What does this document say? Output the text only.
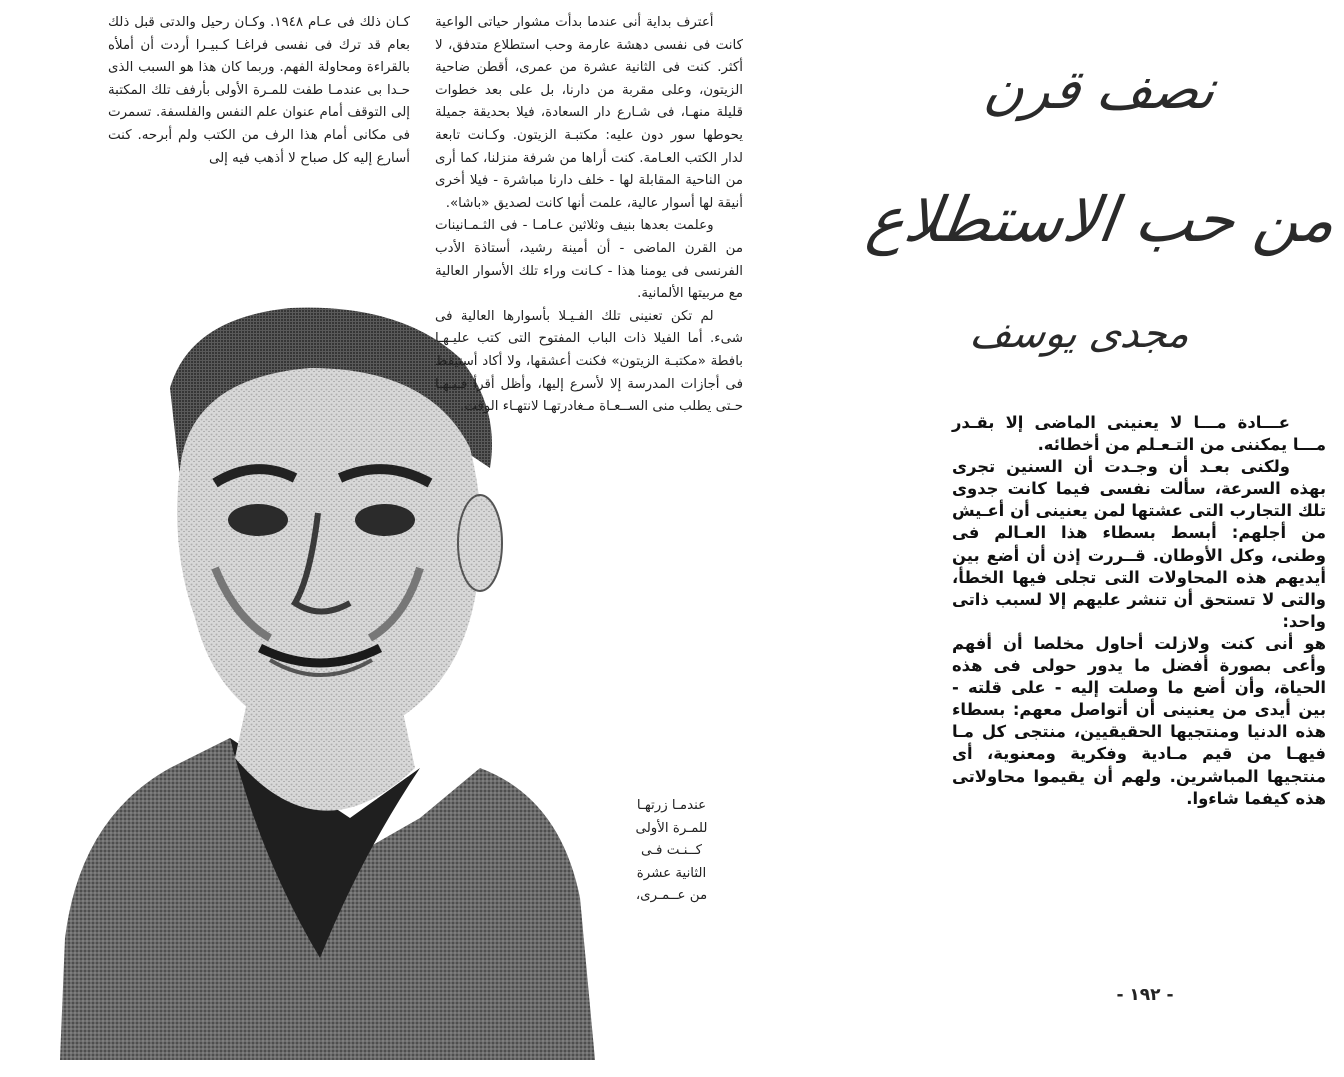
كـان ذلك فى عـام ١٩٤٨. وكـان رحيل والدتى قبل ذلك بعام قد ترك فى نفسى فراغـا كـبيـرا أردت أن أملأه بالقراءة ومحاولة الفهم. وربما كان هذا هو السبب الذى حـدا بى عندمـا طفت للمـرة الأولى بأرفف تلك المكتبة إلى التوقف أمام عنوان علم النفس والفلسفة. تسمرت فى مكانى أمام هذا الرف من الكتب ولم أبرحه. كنت أسارع إليه كل صباح لا أذهب فيه إلى

أعترف بداية أنى عندما بدأت مشوار حياتى الواعية كانت فى نفسى دهشة عارمة وحب استطلاع متدفق، لا أكثر. كنت فى الثانية عشرة من عمرى، أقطن ضاحية الزيتون، وعلى مقربة من دارنا، بل على بعد خطوات قليلة منهـا، فى شـارع دار السعادة، فيلا بحديقة جميلة يحوطها سور دون عليه: مكتبـة الزيتون. وكـانت تابعة لدار الكتب العـامة. كنت أراها من شرفة منزلنا، كما أرى من الناحية المقابلة لها - خلف دارنا مباشرة - فيلا أخرى أنيقة لها أسوار عالية، علمت أنها كانت لصديق «باشا».

وعلمت بعدها بنيف وثلاثين عـامـا - فى الثـمـانينات من القرن الماضى - أن أمينة رشيد، أستاذة الأدب الفرنسى فى يومنا هذا - كـانت وراء تلك الأسوار العالية مع مربيتها الألمانية.

لم تكن تعنينى تلك الفـيـلا بأسوارها العالية فى شىء. أما الفيلا ذات الباب المفتوح التى كتب عليـهـا بافطة «مكتبـة الزيتون» فكنت أعشقها، ولا أكاد أستيقظ فى أجازات المدرسة إلا لأسرع إليها، وأظل أقرأ فـيـهـا حـتى يطلب منى الســعـاة مـغادرتهـا لانتهـاء الوقت.

عندمـا زرتهـا
للمـرة الأولى
كــنـت فـى
الثانية عشرة
من عــمـرى،
نصف قرن
من حب الاستطلاع
مجدى يوسف

عـــادة مـــا لا يعنينى الماضى إلا بقـدر مـــا يمكننى من التـعـلم من أخطائه.

ولكنى بعـد أن وجـدت أن السنين تجرى بهذه السرعة، سألت نفسى فيما كانت جدوى تلك التجارب التى عشتها لمن يعنينى أن أعـيش من أجلهم: أبسط بسطاء هذا العـالم فى وطنى، وكل الأوطان. قــررت إذن أن أضع بين أيديهم هذه المحاولات التى تجلى فيها الخطأ، والتى لا تستحق أن تنشر عليهم إلا لسبب ذاتى واحد:

هو أنى كنت ولازلت أحاول مخلصا أن أفهم وأعى بصورة أفضل ما يدور حولى فى هذه الحياة، وأن أضع ما وصلت إليه - على قلته - بين أيدى من يعنينى أن أتواصل معهم: بسطاء هذه الدنيا ومنتجيها الحقيقيين، منتجى كل مـا فيهـا من قيم مـادية وفكرية ومعنوية، أى منتجيها المباشرين. ولهم أن يقيموا محاولاتى هذه كيفما شاءوا.

- ١٩٢ -
